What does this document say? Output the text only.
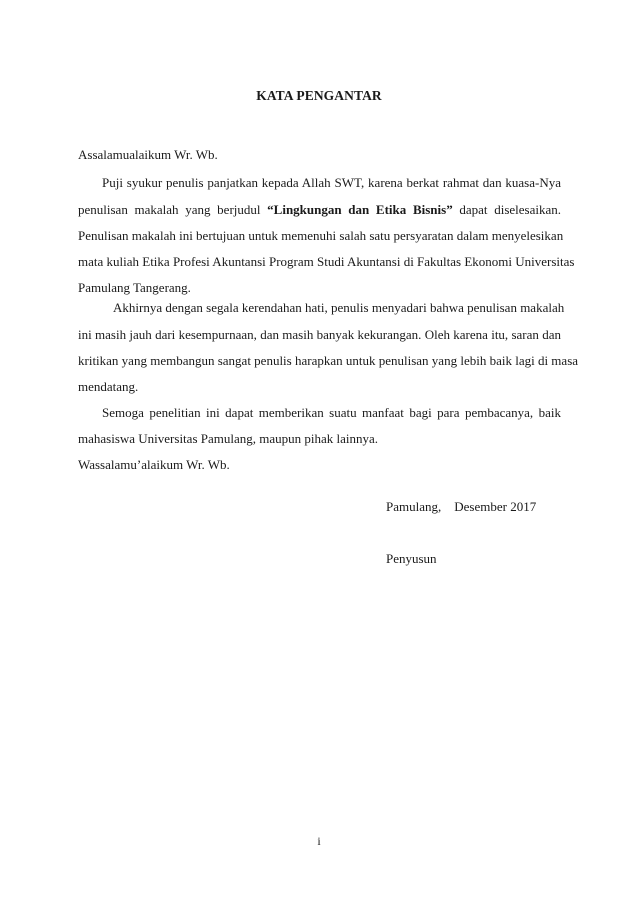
KATA PENGANTAR
Assalamualaikum Wr. Wb.
Puji syukur penulis panjatkan kepada Allah SWT, karena berkat rahmat dan kuasa-Nya
penulisan makalah yang berjudul “Lingkungan dan Etika Bisnis” dapat diselesaikan.
Penulisan makalah ini bertujuan untuk memenuhi salah satu persyaratan dalam menyelesikan
mata kuliah Etika Profesi Akuntansi Program Studi Akuntansi di Fakultas Ekonomi Universitas
Pamulang Tangerang.
Akhirnya dengan segala kerendahan hati, penulis menyadari bahwa penulisan makalah
ini masih jauh dari kesempurnaan, dan masih banyak kekurangan. Oleh karena itu, saran dan
kritikan yang membangun sangat penulis harapkan untuk penulisan yang lebih baik lagi di masa
mendatang.
Semoga penelitian ini dapat memberikan suatu manfaat bagi para pembacanya, baik
mahasiswa Universitas Pamulang, maupun pihak lainnya.
Wassalamu’alaikum Wr. Wb.
Pamulang,    Desember 2017
Penyusun
i
